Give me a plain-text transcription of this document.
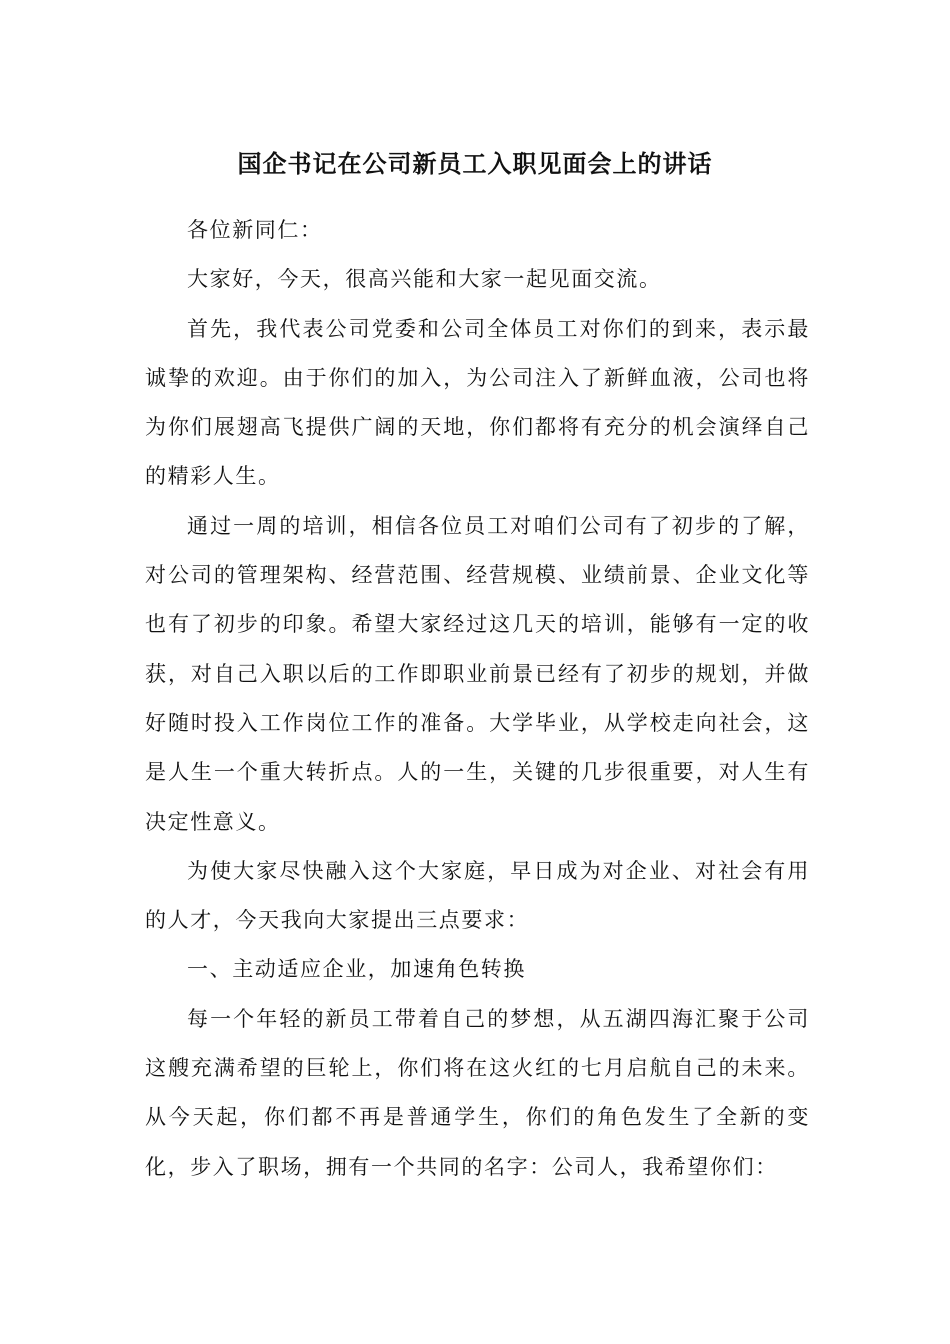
国企书记在公司新员工入职见面会上的讲话

各位新同仁：

大家好，今天，很高兴能和大家一起见面交流。

首先，我代表公司党委和公司全体员工对你们的到来，表示最诚挚的欢迎。由于你们的加入，为公司注入了新鲜血液，公司也将为你们展翅高飞提供广阔的天地，你们都将有充分的机会演绎自己的精彩人生。

通过一周的培训，相信各位员工对咱们公司有了初步的了解，对公司的管理架构、经营范围、经营规模、业绩前景、企业文化等也有了初步的印象。希望大家经过这几天的培训，能够有一定的收获，对自己入职以后的工作即职业前景已经有了初步的规划，并做好随时投入工作岗位工作的准备。大学毕业，从学校走向社会，这是人生一个重大转折点。人的一生，关键的几步很重要，对人生有决定性意义。

为使大家尽快融入这个大家庭，早日成为对企业、对社会有用的人才，今天我向大家提出三点要求：

一、主动适应企业，加速角色转换

每一个年轻的新员工带着自己的梦想，从五湖四海汇聚于公司这艘充满希望的巨轮上，你们将在这火红的七月启航自己的未来。从今天起，你们都不再是普通学生，你们的角色发生了全新的变化，步入了职场，拥有一个共同的名字：公司人，我希望你们：
